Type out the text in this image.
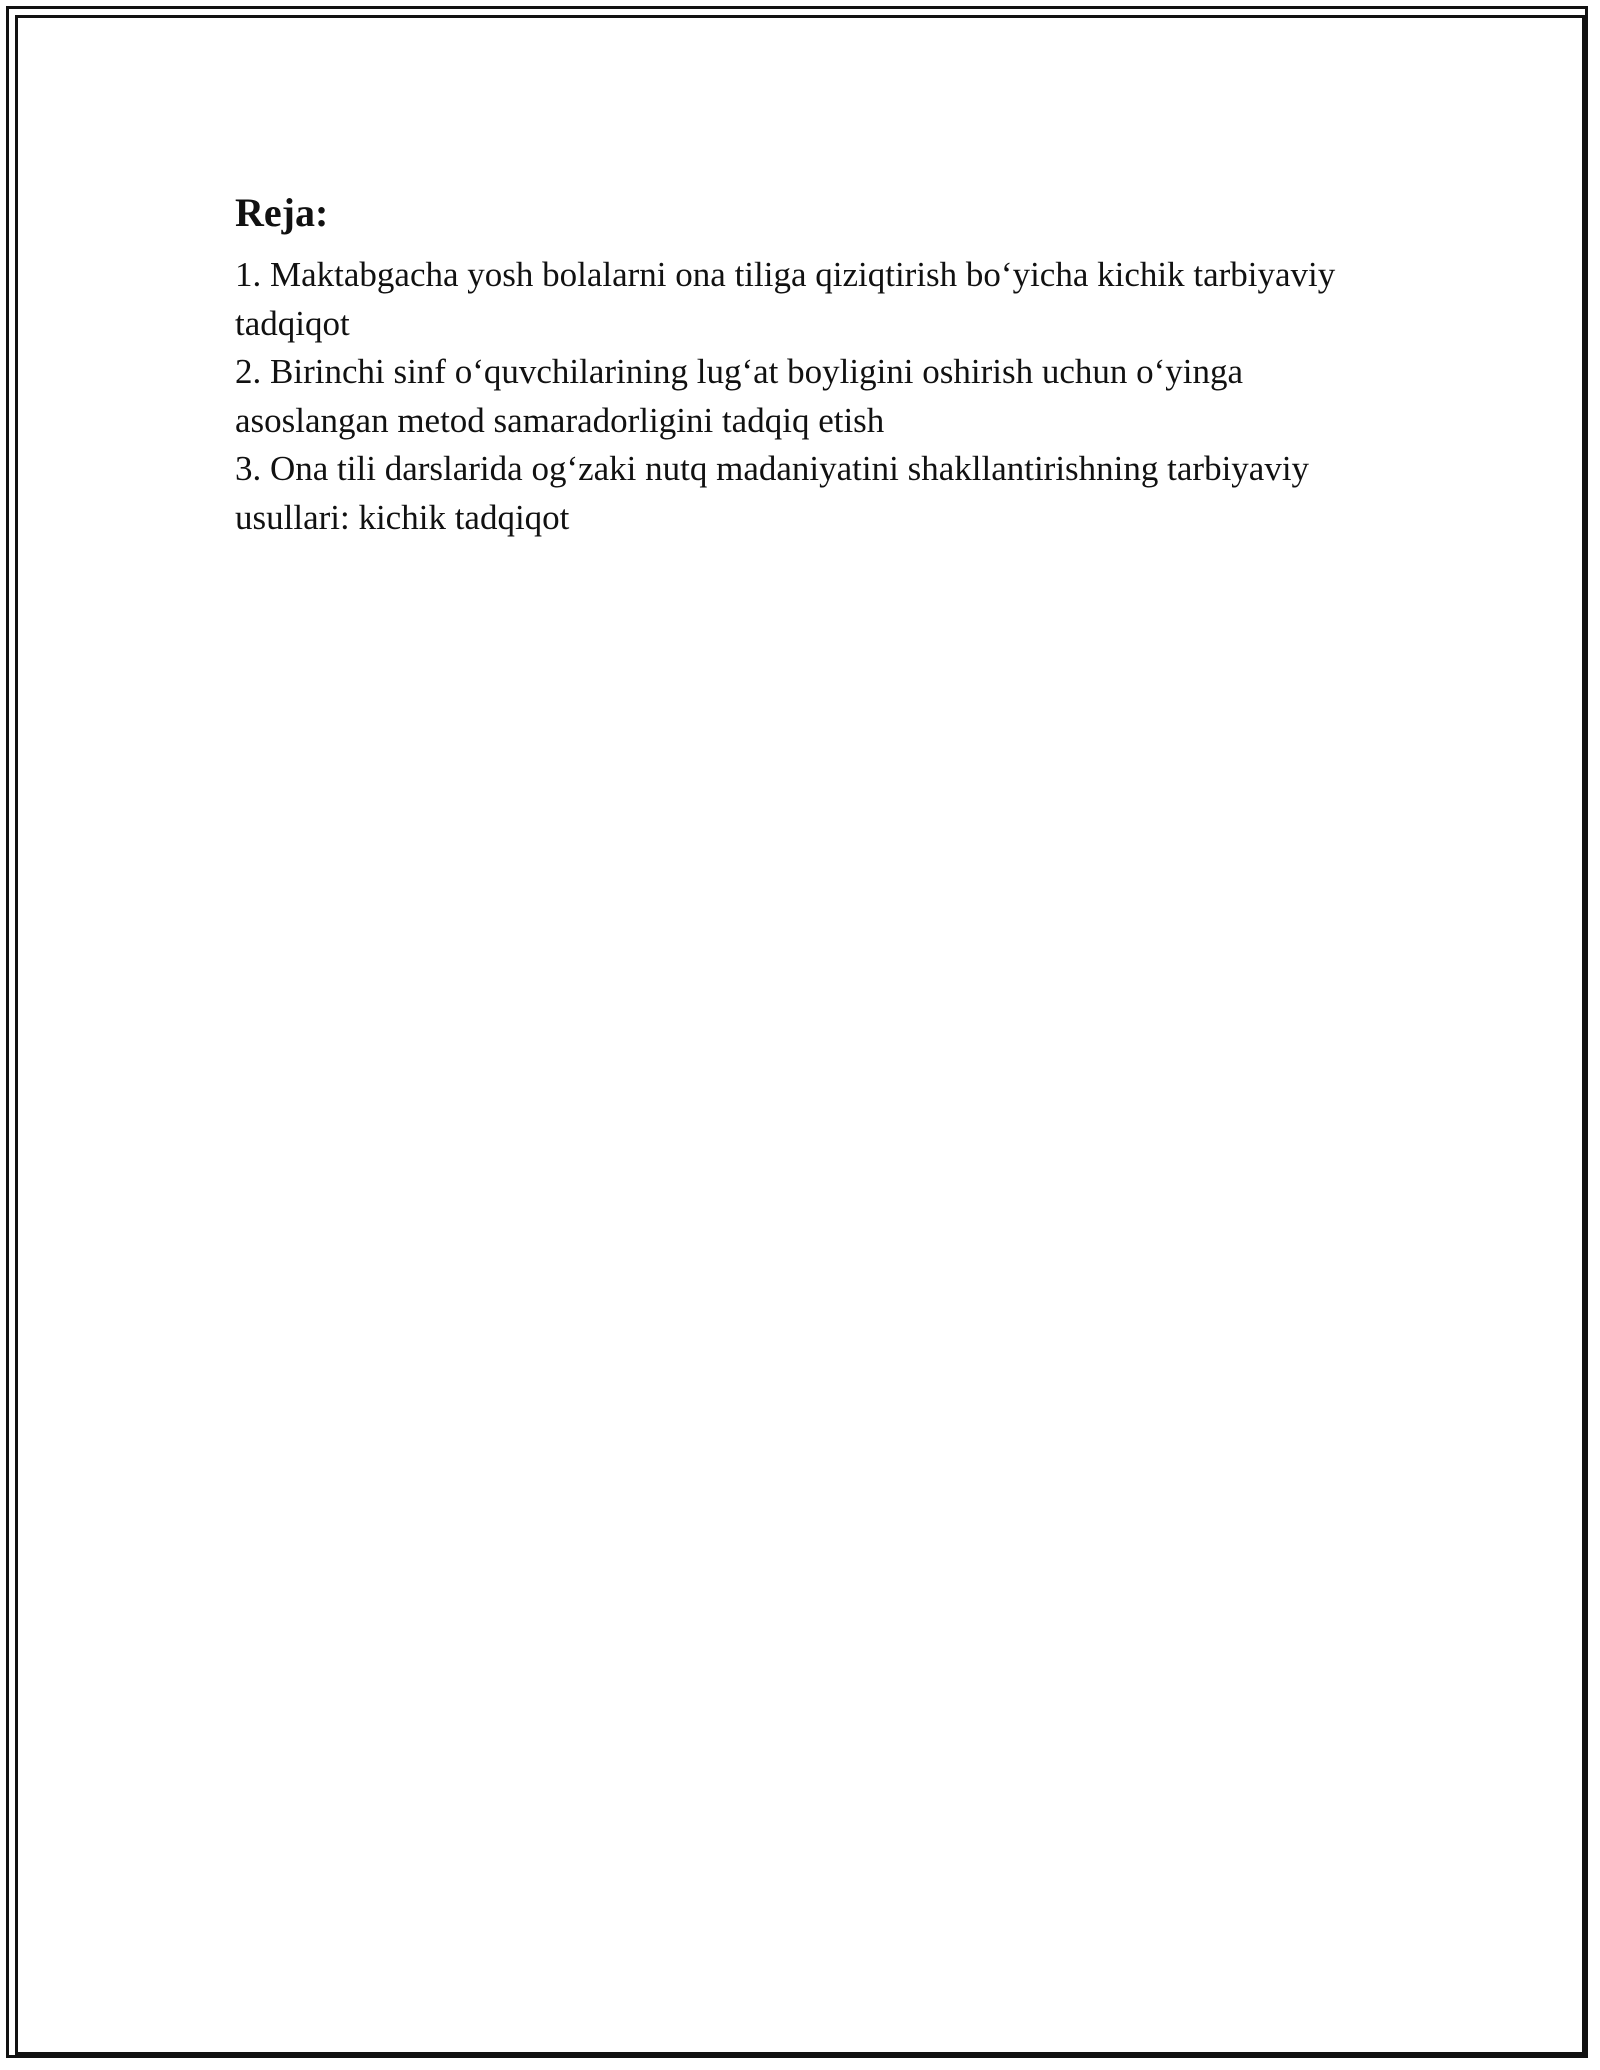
Reja:
1. Maktabgacha yosh bolalarni ona tiliga qiziqtirish bo‘yicha kichik tarbiyaviy tadqiqot
2. Birinchi sinf o‘quvchilarining lug‘at boyligini oshirish uchun o‘yinga asoslangan metod samaradorligini tadqiq etish
3. Ona tili darslarida og‘zaki nutq madaniyatini shakllantirishning tarbiyaviy usullari: kichik tadqiqot
